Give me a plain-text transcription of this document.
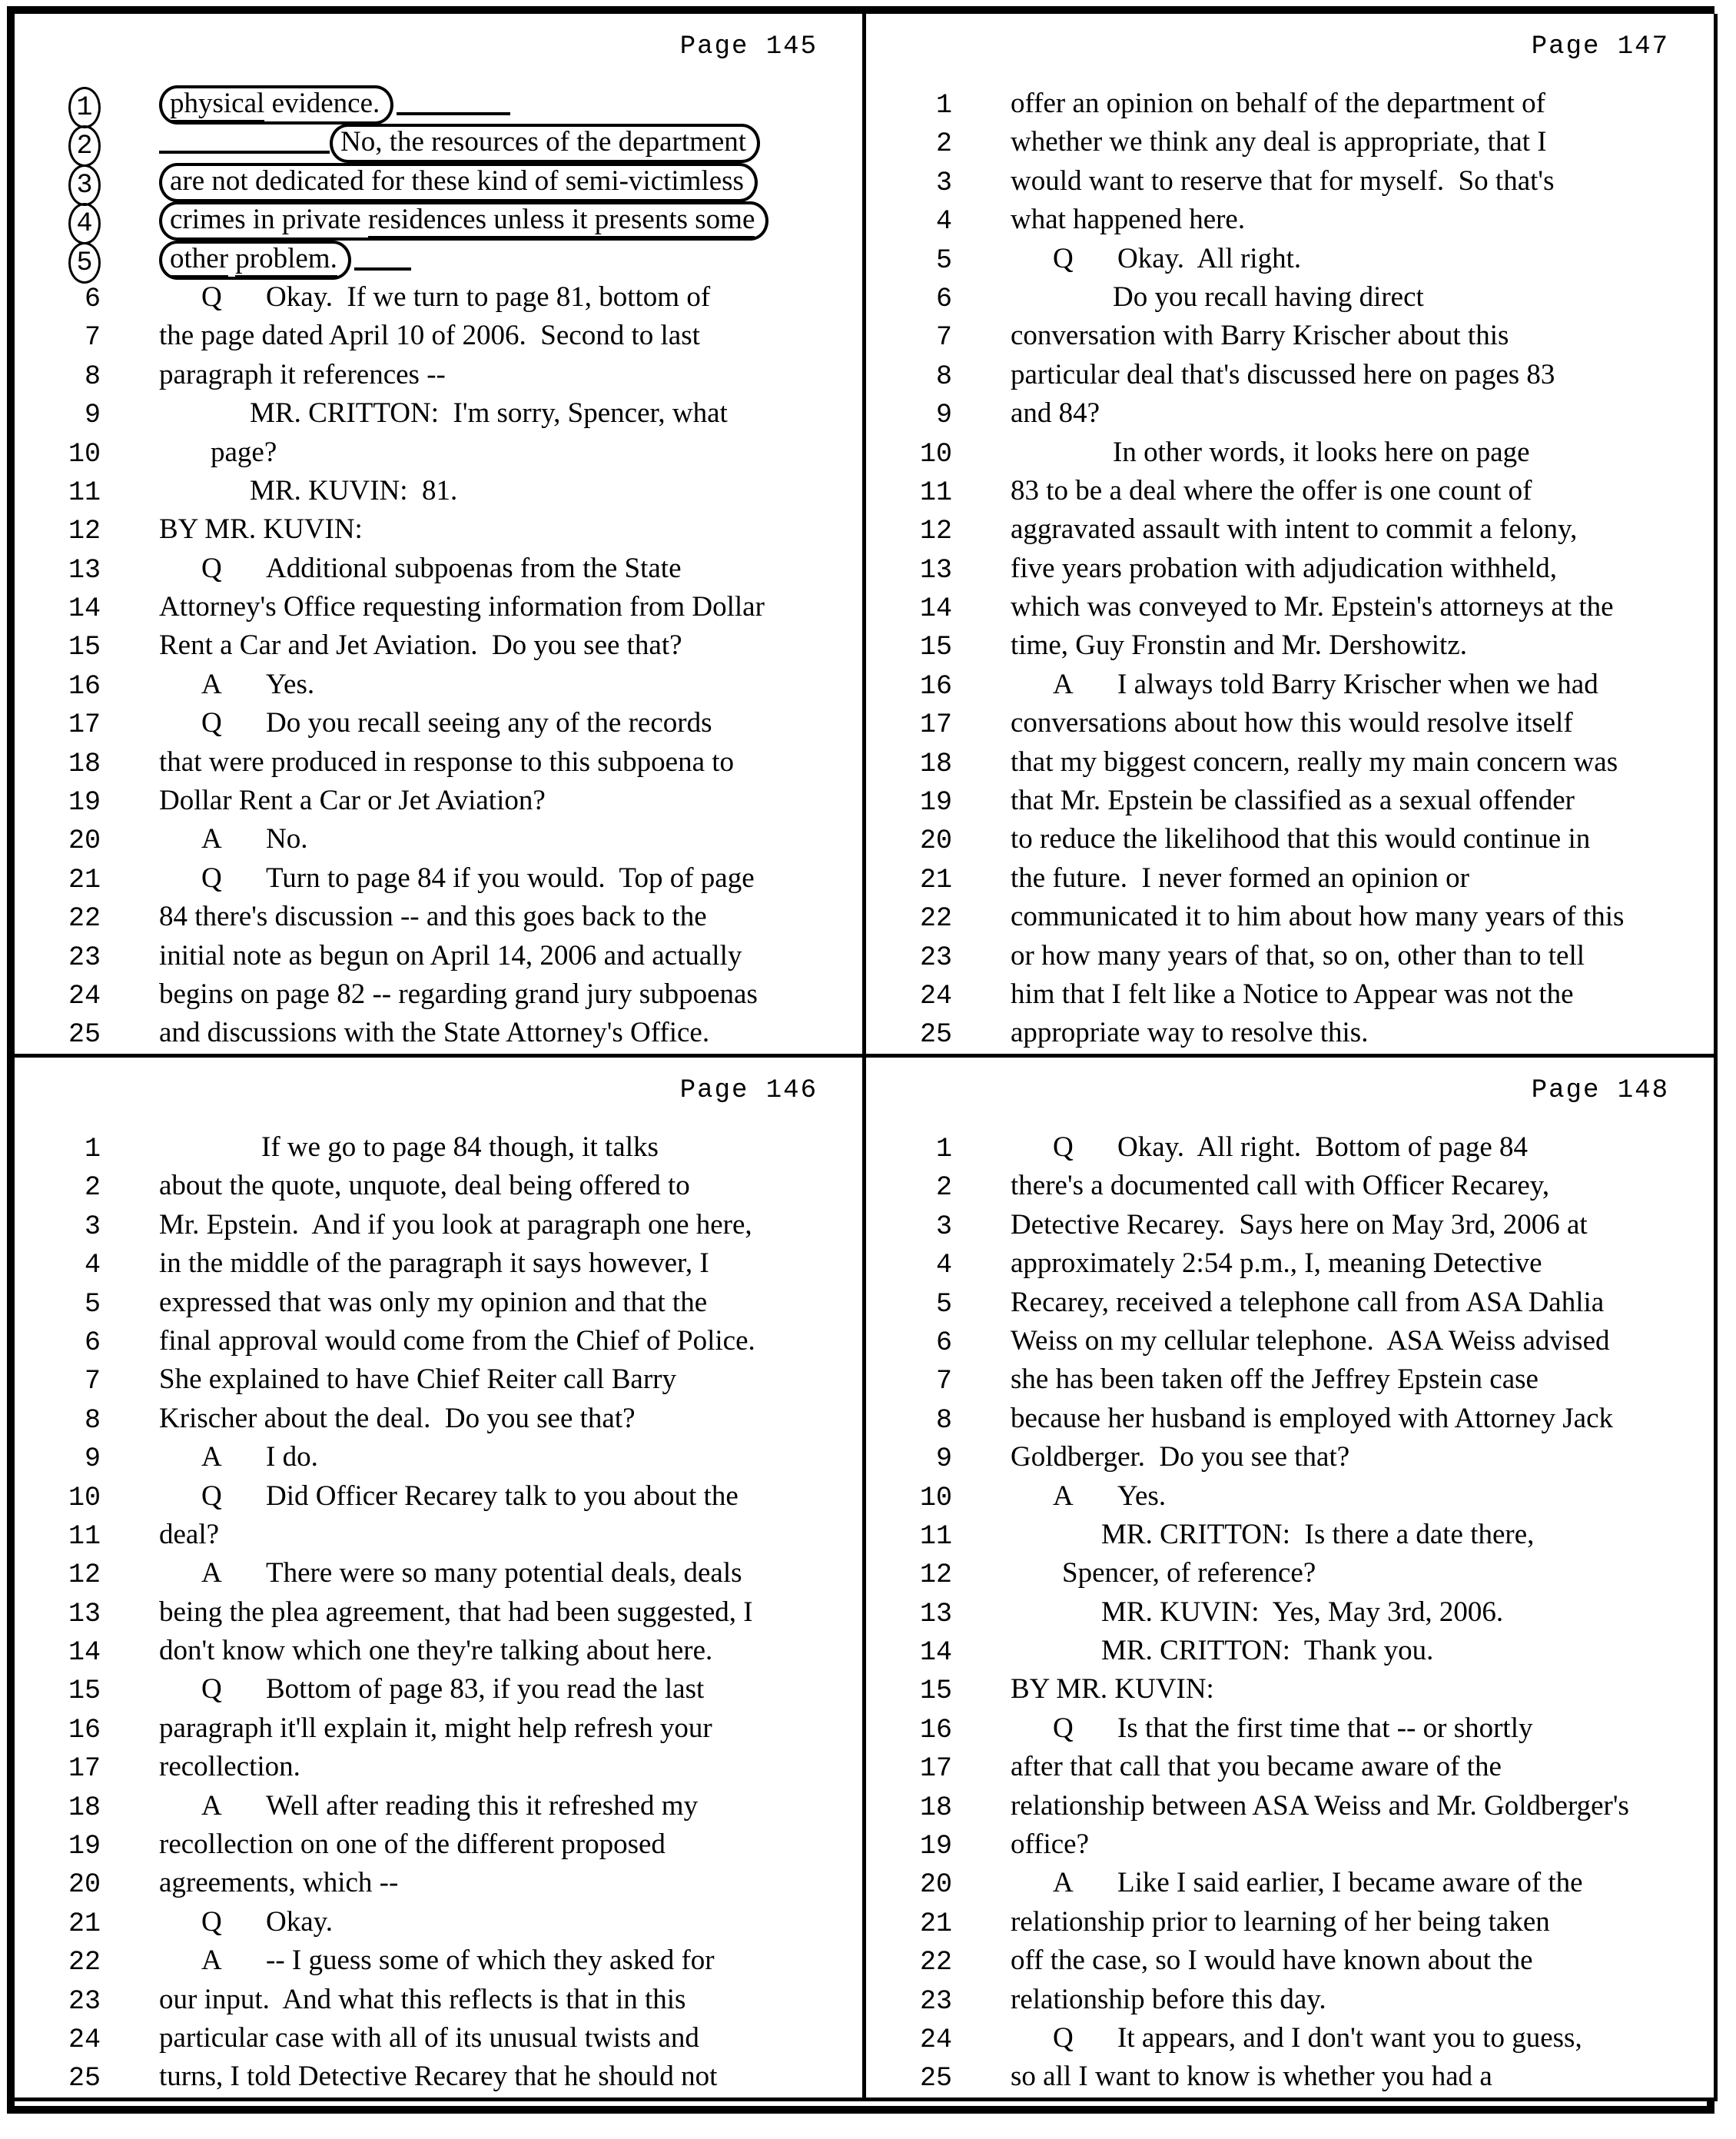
Page 145
1	physical evidence.
2	No, the resources of the department
3	are not dedicated for these kind of semi-victimless
4	crimes in private residences unless it presents some
5	other problem.
6	Q Okay.  If we turn to page 81, bottom of
7	the page dated April 10 of 2006.  Second to last
8	paragraph it references --
9	MR. CRITTON:  I'm sorry, Spencer, what
10	page?
11	MR. KUVIN:  81.
12	BY MR. KUVIN:
13	Q Additional subpoenas from the State
14	Attorney's Office requesting information from Dollar
15	Rent a Car and Jet Aviation.  Do you see that?
16	A Yes.
17	Q Do you recall seeing any of the records
18	that were produced in response to this subpoena to
19	Dollar Rent a Car or Jet Aviation?
20	A No.
21	Q Turn to page 84 if you would.  Top of page
22	84 there's discussion -- and this goes back to the
23	initial note as begun on April 14, 2006 and actually
24	begins on page 82 -- regarding grand jury subpoenas
25	and discussions with the State Attorney's Office.
Page 147
1	offer an opinion on behalf of the department of
2	whether we think any deal is appropriate, that I
3	would want to reserve that for myself.  So that's
4	what happened here.
5	Q Okay.  All right.
6	Do you recall having direct
7	conversation with Barry Krischer about this
8	particular deal that's discussed here on pages 83
9	and 84?
10	In other words, it looks here on page
11	83 to be a deal where the offer is one count of
12	aggravated assault with intent to commit a felony,
13	five years probation with adjudication withheld,
14	which was conveyed to Mr. Epstein's attorneys at the
15	time, Guy Fronstin and Mr. Dershowitz.
16	A I always told Barry Krischer when we had
17	conversations about how this would resolve itself
18	that my biggest concern, really my main concern was
19	that Mr. Epstein be classified as a sexual offender
20	to reduce the likelihood that this would continue in
21	the future.  I never formed an opinion or
22	communicated it to him about how many years of this
23	or how many years of that, so on, other than to tell
24	him that I felt like a Notice to Appear was not the
25	appropriate way to resolve this.
Page 146
1	If we go to page 84 though, it talks
2	about the quote, unquote, deal being offered to
3	Mr. Epstein.  And if you look at paragraph one here,
4	in the middle of the paragraph it says however, I
5	expressed that was only my opinion and that the
6	final approval would come from the Chief of Police.
7	She explained to have Chief Reiter call Barry
8	Krischer about the deal.  Do you see that?
9	A I do.
10	Q Did Officer Recarey talk to you about the
11	deal?
12	A There were so many potential deals, deals
13	being the plea agreement, that had been suggested, I
14	don't know which one they're talking about here.
15	Q Bottom of page 83, if you read the last
16	paragraph it'll explain it, might help refresh your
17	recollection.
18	A Well after reading this it refreshed my
19	recollection on one of the different proposed
20	agreements, which --
21	Q Okay.
22	A -- I guess some of which they asked for
23	our input.  And what this reflects is that in this
24	particular case with all of its unusual twists and
25	turns, I told Detective Recarey that he should not
Page 148
1	Q Okay.  All right.  Bottom of page 84
2	there's a documented call with Officer Recarey,
3	Detective Recarey.  Says here on May 3rd, 2006 at
4	approximately 2:54 p.m., I, meaning Detective
5	Recarey, received a telephone call from ASA Dahlia
6	Weiss on my cellular telephone.  ASA Weiss advised
7	she has been taken off the Jeffrey Epstein case
8	because her husband is employed with Attorney Jack
9	Goldberger.  Do you see that?
10	A Yes.
11	MR. CRITTON:  Is there a date there,
12	Spencer, of reference?
13	MR. KUVIN:  Yes, May 3rd, 2006.
14	MR. CRITTON:  Thank you.
15	BY MR. KUVIN:
16	Q Is that the first time that -- or shortly
17	after that call that you became aware of the
18	relationship between ASA Weiss and Mr. Goldberger's
19	office?
20	A Like I said earlier, I became aware of the
21	relationship prior to learning of her being taken
22	off the case, so I would have known about the
23	relationship before this day.
24	Q It appears, and I don't want you to guess,
25	so all I want to know is whether you had a
